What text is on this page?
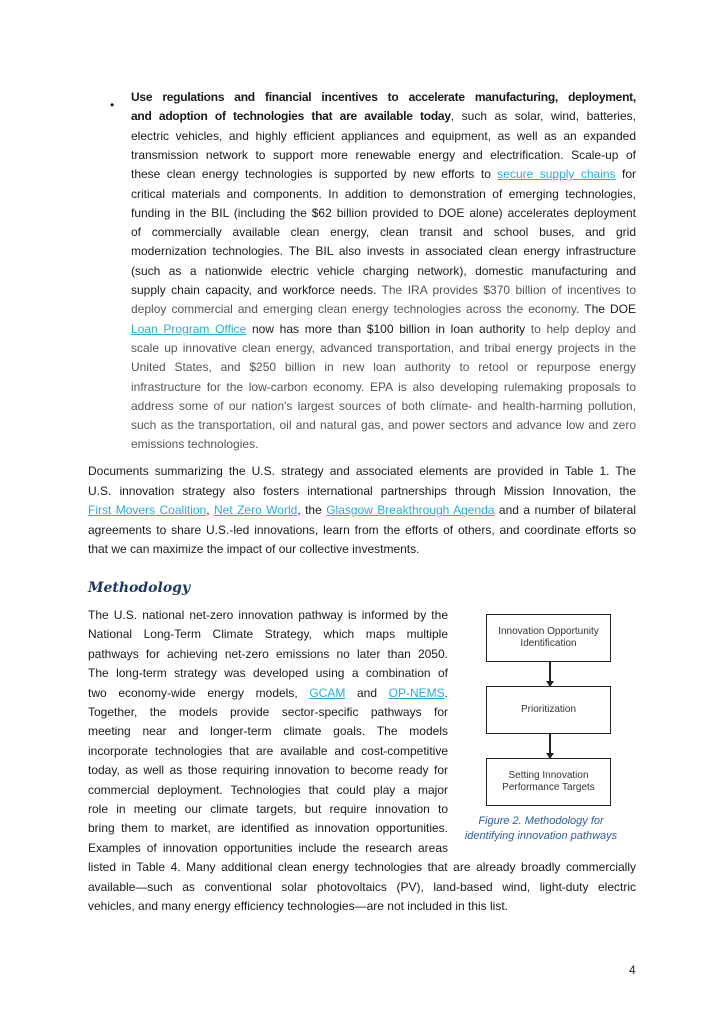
•
Use regulations and financial incentives to accelerate manufacturing, deployment,
and adoption of technologies that are available today, such as solar, wind, batteries,
electric vehicles, and highly efficient appliances and equipment, as well as an expanded
transmission network to support more renewable energy and electrification. Scale-up of
these clean energy technologies is supported by new efforts to secure supply chains for
critical materials and components. In addition to demonstration of emerging technologies,
funding in the BIL (including the $62 billion provided to DOE alone) accelerates deployment
of commercially available clean energy, clean transit and school buses, and grid
modernization technologies. The BIL also invests in associated clean energy infrastructure
(such as a nationwide electric vehicle charging network), domestic manufacturing and
supply chain capacity, and workforce needs. The IRA provides $370 billion of incentives to
deploy commercial and emerging clean energy technologies across the economy. The DOE
Loan Program Office now has more than $100 billion in loan authority to help deploy and
scale up innovative clean energy, advanced transportation, and tribal energy projects in the
United States, and $250 billion in new loan authority to retool or repurpose energy
infrastructure for the low-carbon economy. EPA is also developing rulemaking proposals to
address some of our nation's largest sources of both climate- and health-harming pollution,
such as the transportation, oil and natural gas, and power sectors and advance low and zero
emissions technologies.
Documents summarizing the U.S. strategy and associated elements are provided in Table 1. The
U.S. innovation strategy also fosters international partnerships through Mission Innovation, the
First Movers Coalition, Net Zero World, the Glasgow Breakthrough Agenda and a number of bilateral
agreements to share U.S.-led innovations, learn from the efforts of others, and coordinate efforts so
that we can maximize the impact of our collective investments.
Methodology
The U.S. national net-zero innovation pathway is informed by the
National Long-Term Climate Strategy, which maps multiple
pathways for achieving net-zero emissions no later than 2050.
The long-term strategy was developed using a combination of
two economy-wide energy models, GCAM and OP-NEMS.
Together, the models provide sector-specific pathways for
meeting near and longer-term climate goals. The models
incorporate technologies that are available and cost-competitive
today, as well as those requiring innovation to become ready for
commercial deployment. Technologies that could play a major
role in meeting our climate targets, but require innovation to
bring them to market, are identified as innovation opportunities.
Examples of innovation opportunities include the research areas
listed in Table 4. Many additional clean energy technologies that are already broadly commercially
available—such as conventional solar photovoltaics (PV), land-based wind, light-duty electric
vehicles, and many energy efficiency technologies—are not included in this list.
Innovation Opportunity Identification
Prioritization
Setting Innovation Performance Targets
Figure 2. Methodology for
identifying innovation pathways
4
